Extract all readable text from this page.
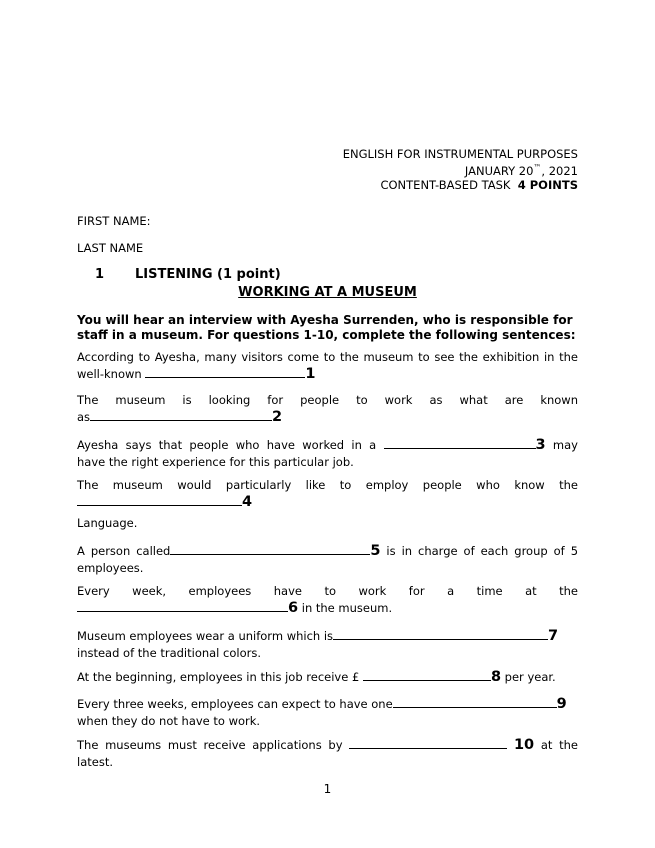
ENGLISH FOR INSTRUMENTAL PURPOSES
JANUARY 20™, 2021
CONTENT-BASED TASK 4 POINTS
FIRST NAME:
LAST NAME
1 LISTENING (1 point)
WORKING AT A MUSEUM
You will hear an interview with Ayesha Surrenden, who is responsible for staff in a museum. For questions 1-10, complete the following sentences:
According to Ayesha, many visitors come to the museum to see the exhibition in the
well-known	1
The museum is looking for people to work as what are known
as	2
Ayesha says that people who have worked in a	3 may
have the right experience for this particular job.
The museum would particularly like to employ people who know the
4
Language.
A person called	5 is in charge of each group of 5
employees.
Every week, employees have to work for a time at the
6 in the museum.
Museum employees wear a uniform which is	7
instead of the traditional colors.
At the beginning, employees in this job receive £	8 per year.
Every three weeks, employees can expect to have one	9
when they do not have to work.
The museums must receive applications by	10 at the
latest.
1
